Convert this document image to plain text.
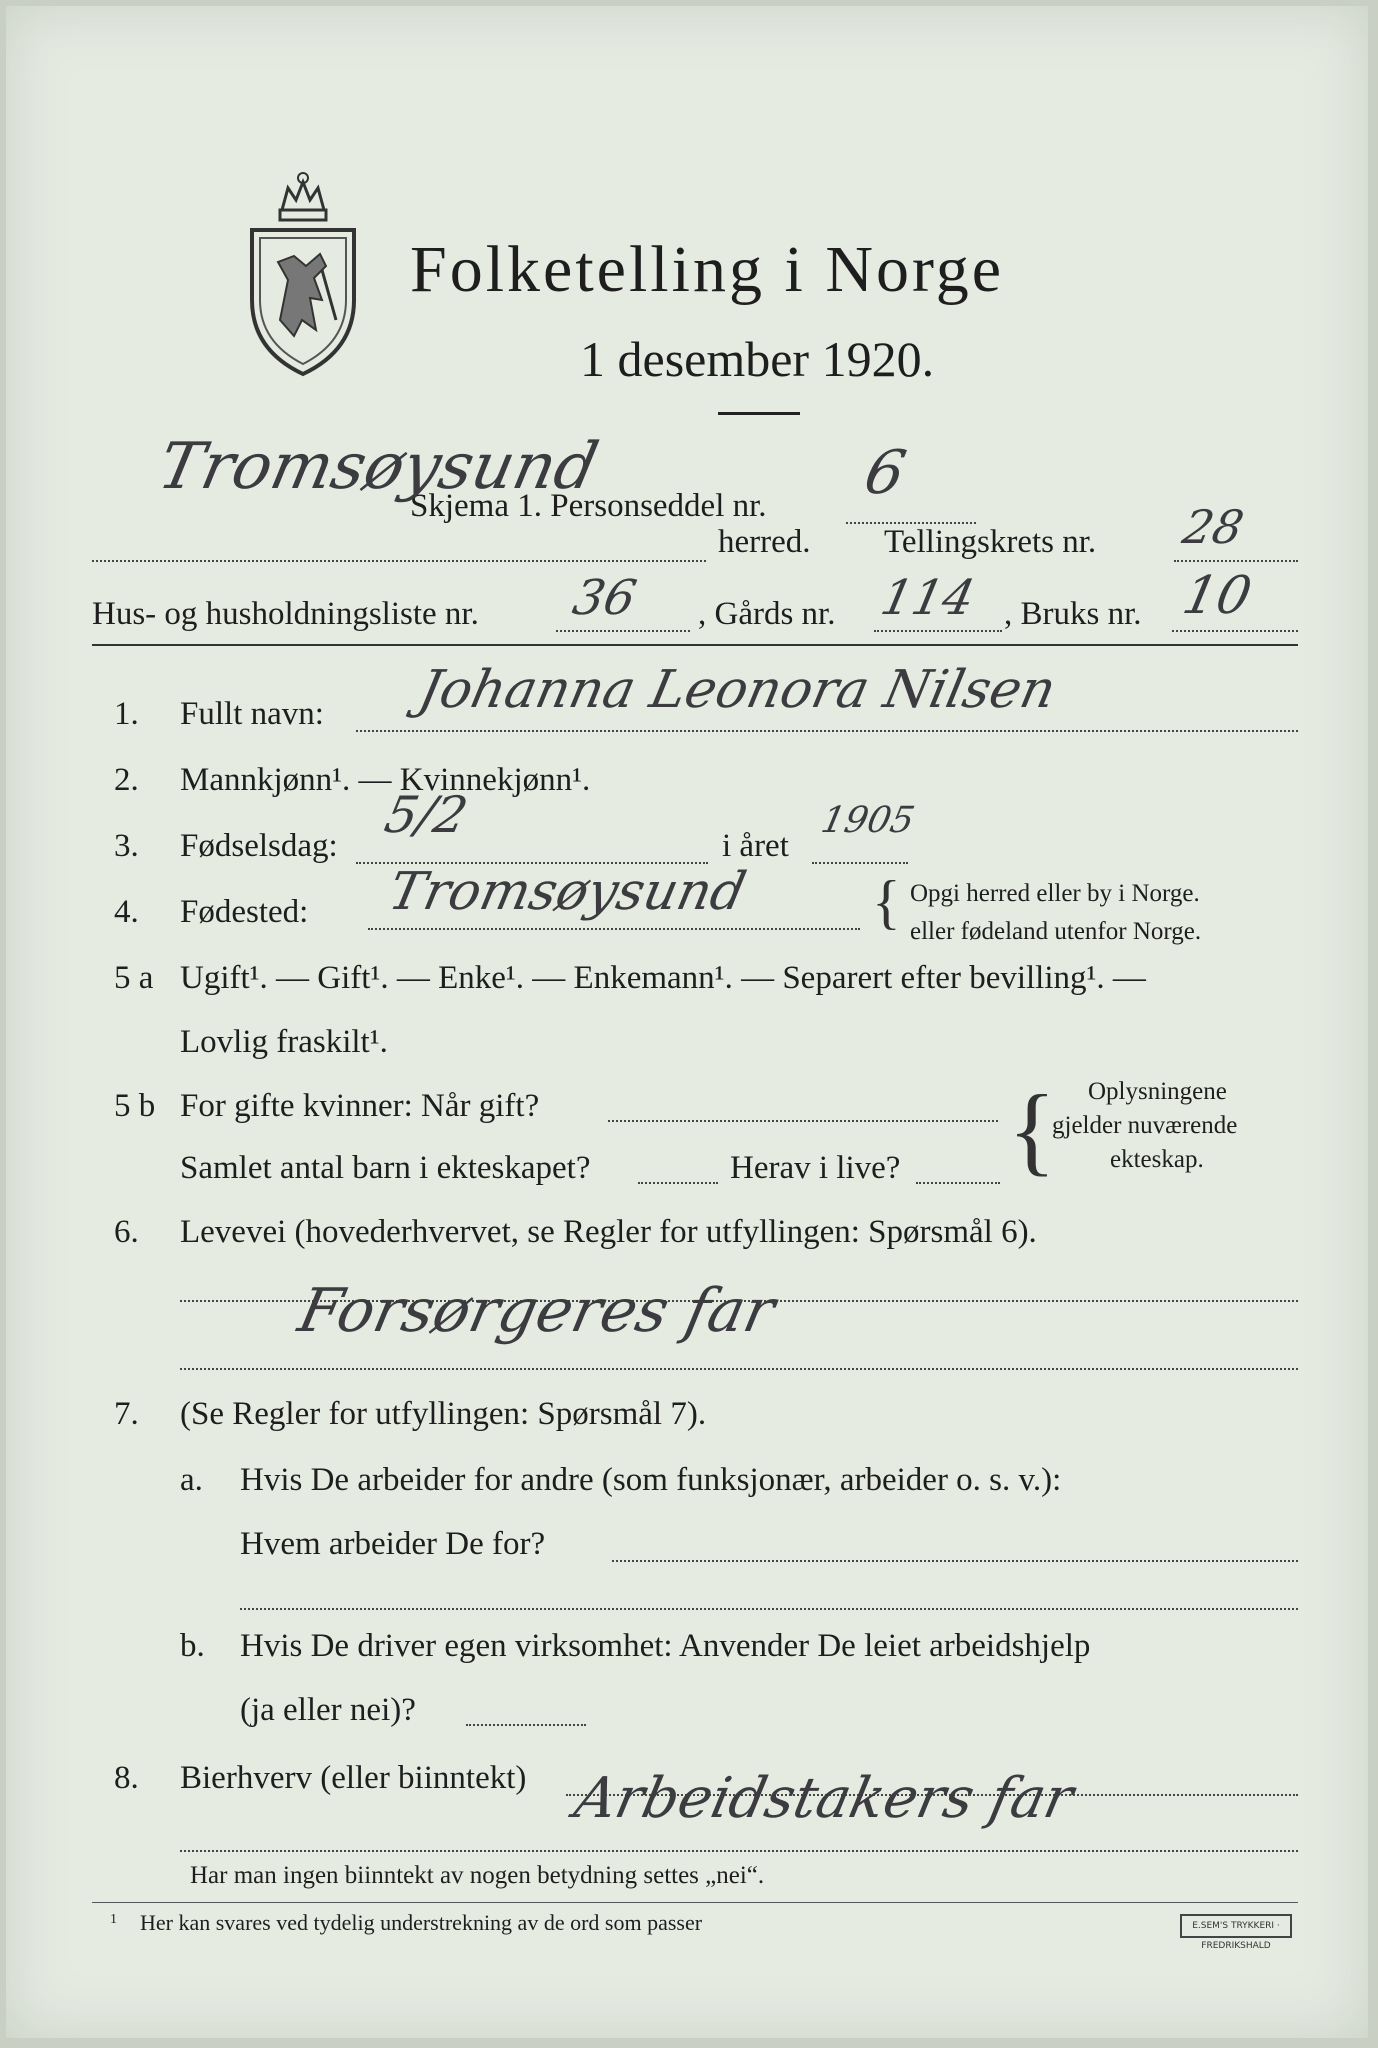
Folketelling i Norge
1 desember 1920.
Skjema 1. Personseddel nr. 6
Tromsøysund
herred. Tellingskrets nr. 28
Hus- og husholdningsliste nr. 36 , Gårds nr. 114 , Bruks nr. 10
1. Fullt navn: Johanna Leonora Nilsen
2. Mannkjønn¹. — Kvinnekjønn¹.
3. Fødselsdag:
5/2
i året
1905
4. Fødested: Tromsøysund { Opgi herred eller by i Norge.
eller fødeland utenfor Norge.
5 a Ugift¹. — Gift¹. — Enke¹. — Enkemann¹. — Separert efter bevilling¹. —
Lovlig fraskilt¹.
5 b For gifte kvinner: Når gift?
Samlet antal barn i ekteskapet?	Herav i live? { Oplysningene
gjelder nuværende
ekteskap.
6. Levevei (hovederhvervet, se Regler for utfyllingen: Spørsmål 6).
Forsørgeres far
7. (Se Regler for utfyllingen: Spørsmål 7).
a. Hvis De arbeider for andre (som funksjonær, arbeider o. s. v.):
Hvem arbeider De for?
b. Hvis De driver egen virksomhet: Anvender De leiet arbeidshjelp
(ja eller nei)?
8. Bierhverv (eller biinntekt) Arbeidstakers far
Har man ingen biinntekt av nogen betydning settes „nei“.
1 Her kan svares ved tydelig understrekning av de ord som passer	E.SEM'S TRYKKERI · FREDRIKSHALD
